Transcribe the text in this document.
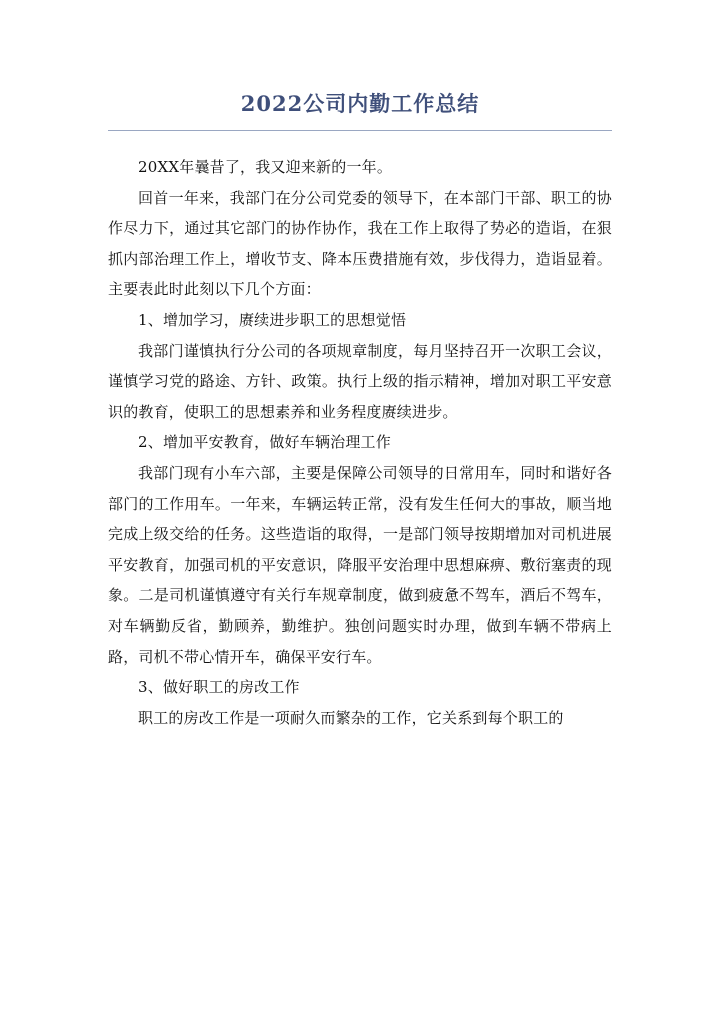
2022公司内勤工作总结

20XX年曩昔了，我又迎来新的一年。

回首一年来，我部门在分公司党委的领导下，在本部门干部、职工的协作尽力下，通过其它部门的协作协作，我在工作上取得了势必的造诣，在狠抓内部治理工作上，增收节支、降本压费措施有效，步伐得力，造诣显着。主要表此时此刻以下几个方面：

1、增加学习，赓续进步职工的思想觉悟

我部门谨慎执行分公司的各项规章制度，每月坚持召开一次职工会议，谨慎学习党的路途、方针、政策。执行上级的指示精神，增加对职工平安意识的教育，使职工的思想素养和业务程度赓续进步。

2、增加平安教育，做好车辆治理工作

我部门现有小车六部，主要是保障公司领导的日常用车，同时和谐好各部门的工作用车。一年来，车辆运转正常，没有发生任何大的事故，顺当地完成上级交给的任务。这些造诣的取得，一是部门领导按期增加对司机进展平安教育，加强司机的平安意识，降服平安治理中思想麻痹、敷衍塞责的现象。二是司机谨慎遵守有关行车规章制度，做到疲惫不驾车，酒后不驾车，对车辆勤反省，勤顾养，勤维护。独创问题实时办理，做到车辆不带病上路，司机不带心情开车，确保平安行车。

3、做好职工的房改工作

职工的房改工作是一项耐久而繁杂的工作，它关系到每个职工的
